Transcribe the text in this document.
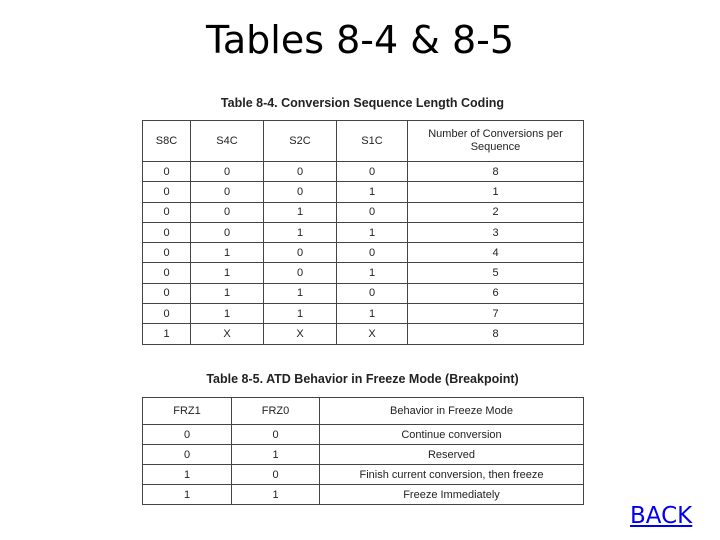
Tables 8-4 & 8-5
Table 8-4. Conversion Sequence Length Coding
S8C	S4C	S2C	S1C	Number of Conversions per Sequence
0	0	0	0	8
0	0	0	1	1
0	0	1	0	2
0	0	1	1	3
0	1	0	0	4
0	1	0	1	5
0	1	1	0	6
0	1	1	1	7
1	X	X	X	8
Table 8-5. ATD Behavior in Freeze Mode (Breakpoint)
FRZ1	FRZ0	Behavior in Freeze Mode
0	0	Continue conversion
0	1	Reserved
1	0	Finish current conversion, then freeze
1	1	Freeze Immediately
BACK
